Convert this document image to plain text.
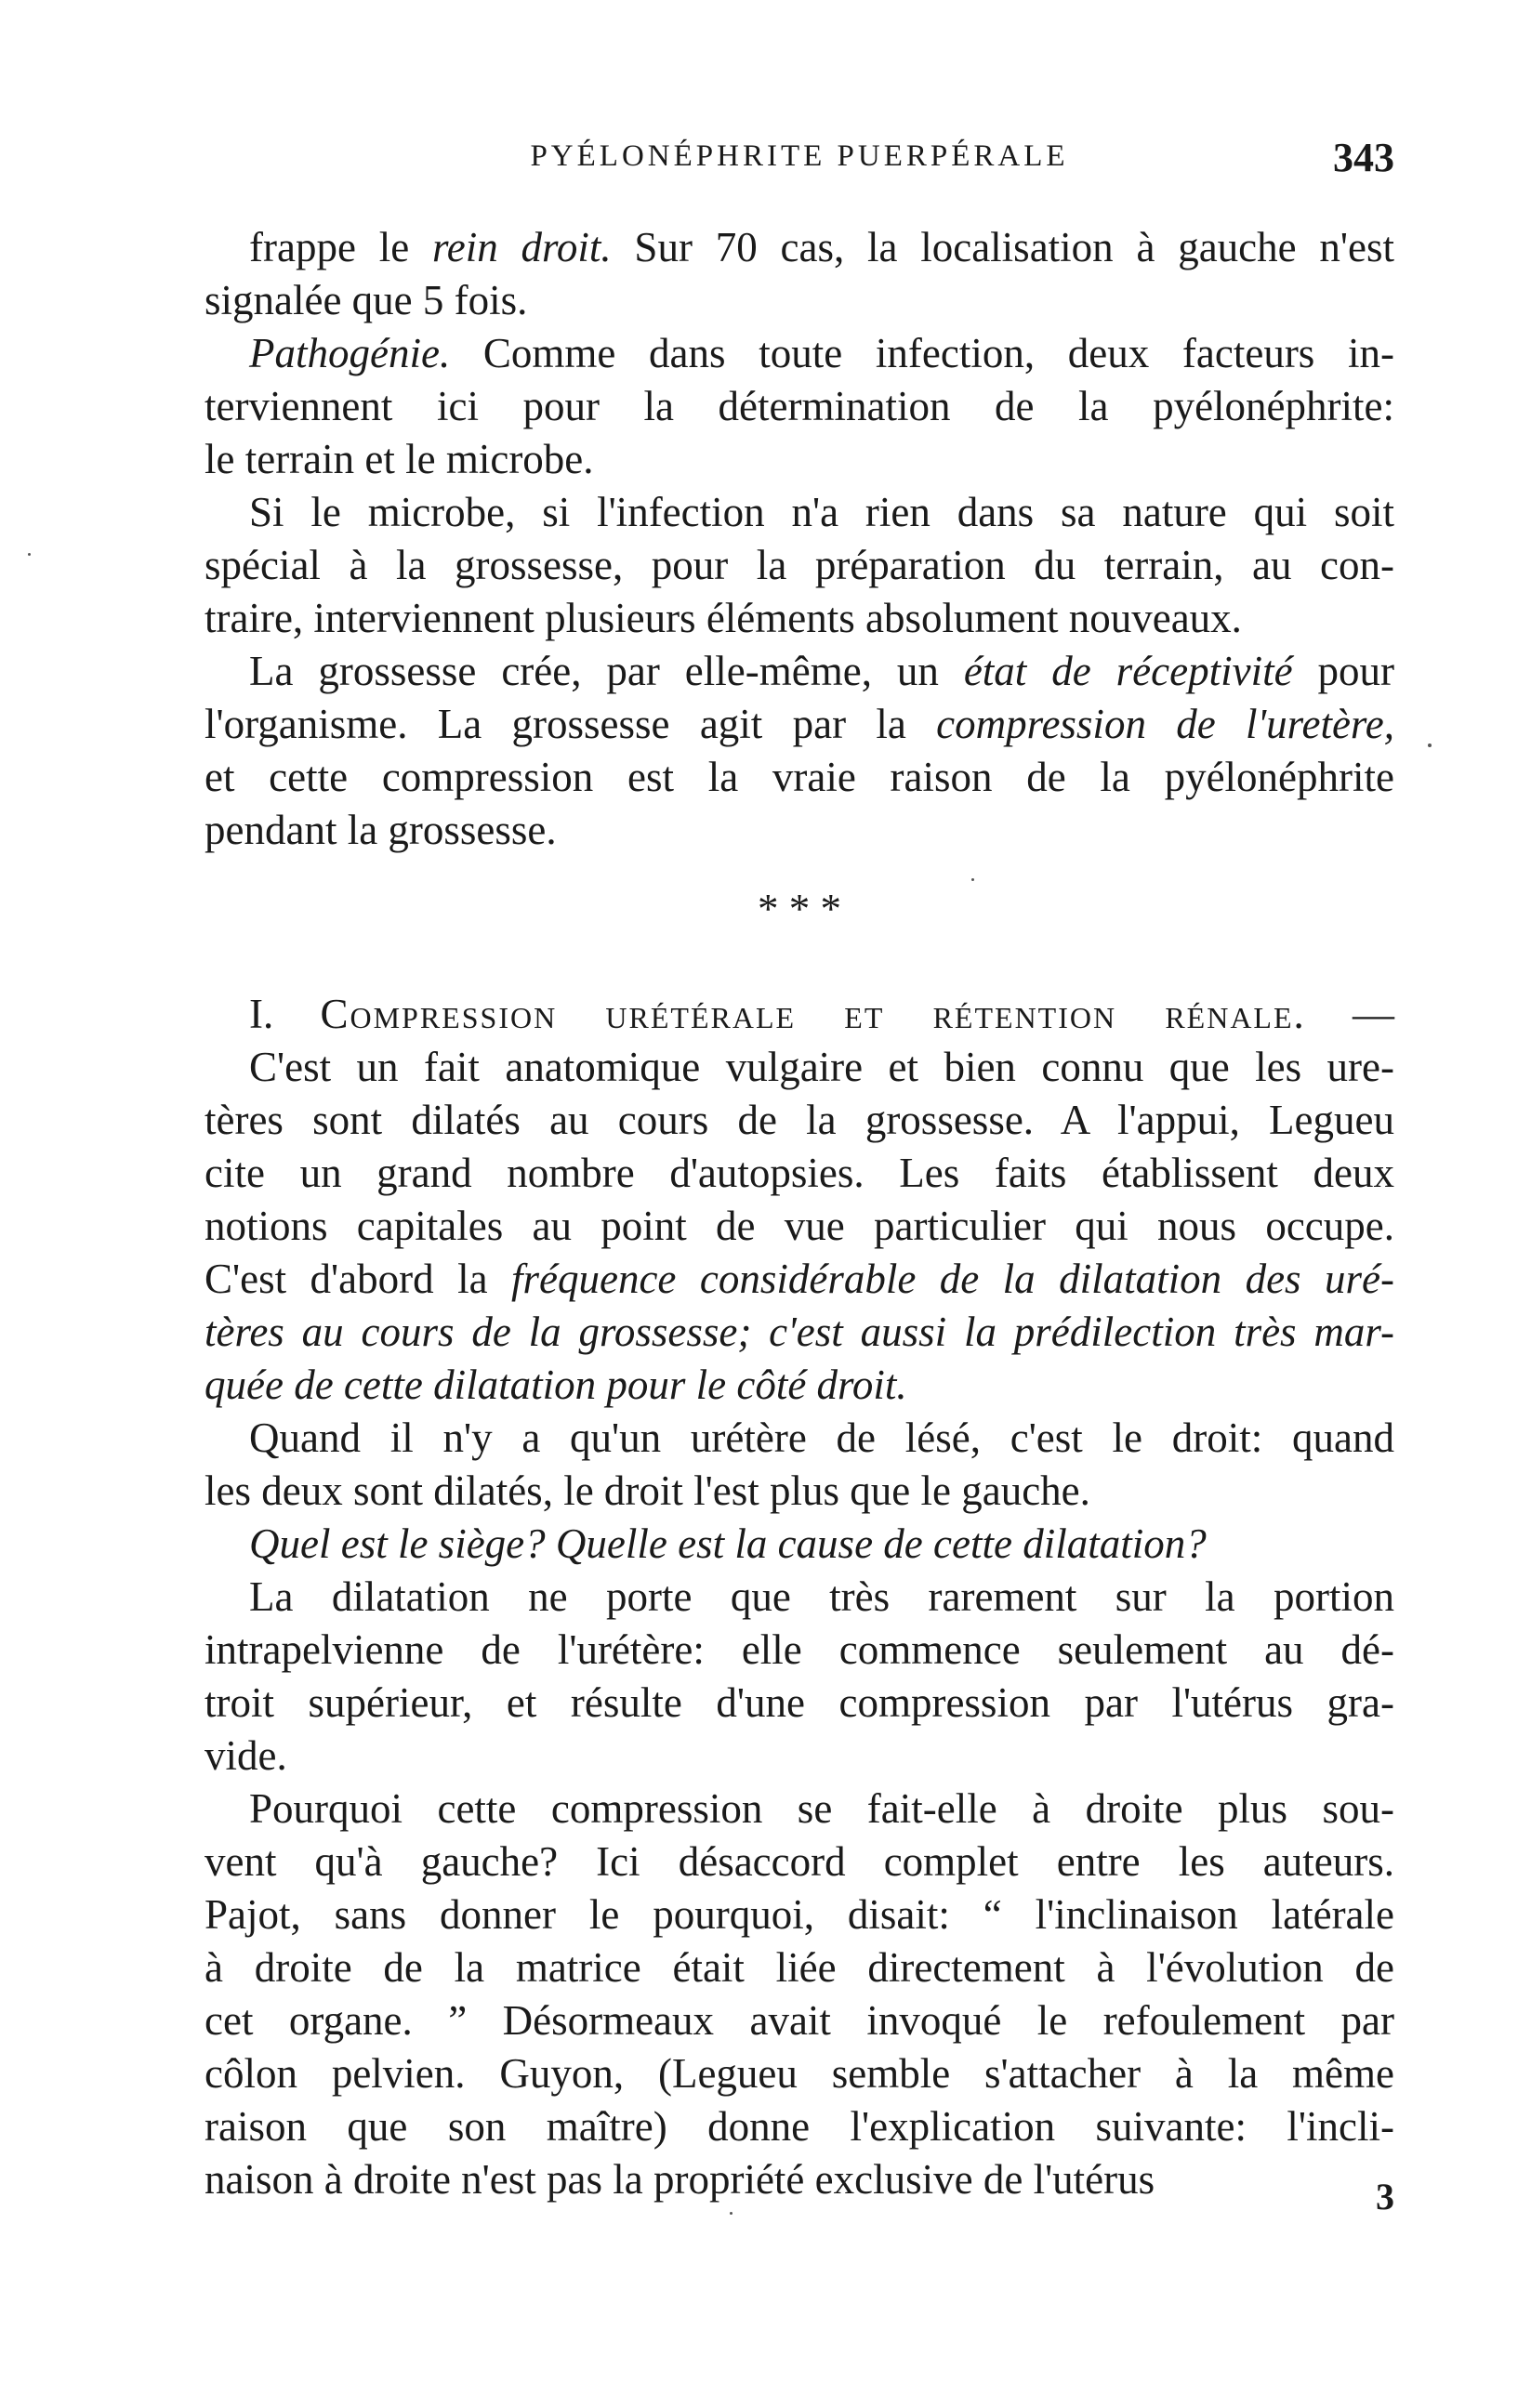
PYÉLONÉPHRITE PUERPÉRALE	343
frappe le rein droit. Sur 70 cas, la localisation à gauche n'est
signalée que 5 fois.
Pathogénie. Comme dans toute infection, deux facteurs in-
terviennent ici pour la détermination de la pyélonéphrite:
le terrain et le microbe.
Si le microbe, si l'infection n'a rien dans sa nature qui soit
spécial à la grossesse, pour la préparation du terrain, au con-
traire, interviennent plusieurs éléments absolument nouveaux.
La grossesse crée, par elle-même, un état de réceptivité pour
l'organisme. La grossesse agit par la compression de l'uretère,
et cette compression est la vraie raison de la pyélonéphrite
pendant la grossesse.
* * *
I. Compression urétérale et rétention rénale. —
C'est un fait anatomique vulgaire et bien connu que les ure-
tères sont dilatés au cours de la grossesse. A l'appui, Legueu
cite un grand nombre d'autopsies. Les faits établissent deux
notions capitales au point de vue particulier qui nous occupe.
C'est d'abord la fréquence considérable de la dilatation des uré-
tères au cours de la grossesse; c'est aussi la prédilection très mar-
quée de cette dilatation pour le côté droit.
Quand il n'y a qu'un urétère de lésé, c'est le droit: quand
les deux sont dilatés, le droit l'est plus que le gauche.
Quel est le siège? Quelle est la cause de cette dilatation?
La dilatation ne porte que très rarement sur la portion
intrapelvienne de l'urétère: elle commence seulement au dé-
troit supérieur, et résulte d'une compression par l'utérus gra-
vide.
Pourquoi cette compression se fait-elle à droite plus sou-
vent qu'à gauche? Ici désaccord complet entre les auteurs.
Pajot, sans donner le pourquoi, disait: “ l'inclinaison latérale
à droite de la matrice était liée directement à l'évolution de
cet organe. ” Désormeaux avait invoqué le refoulement par
côlon pelvien. Guyon, (Legueu semble s'attacher à la même
raison que son maître) donne l'explication suivante: l'incli-
naison à droite n'est pas la propriété exclusive de l'utérus	3
